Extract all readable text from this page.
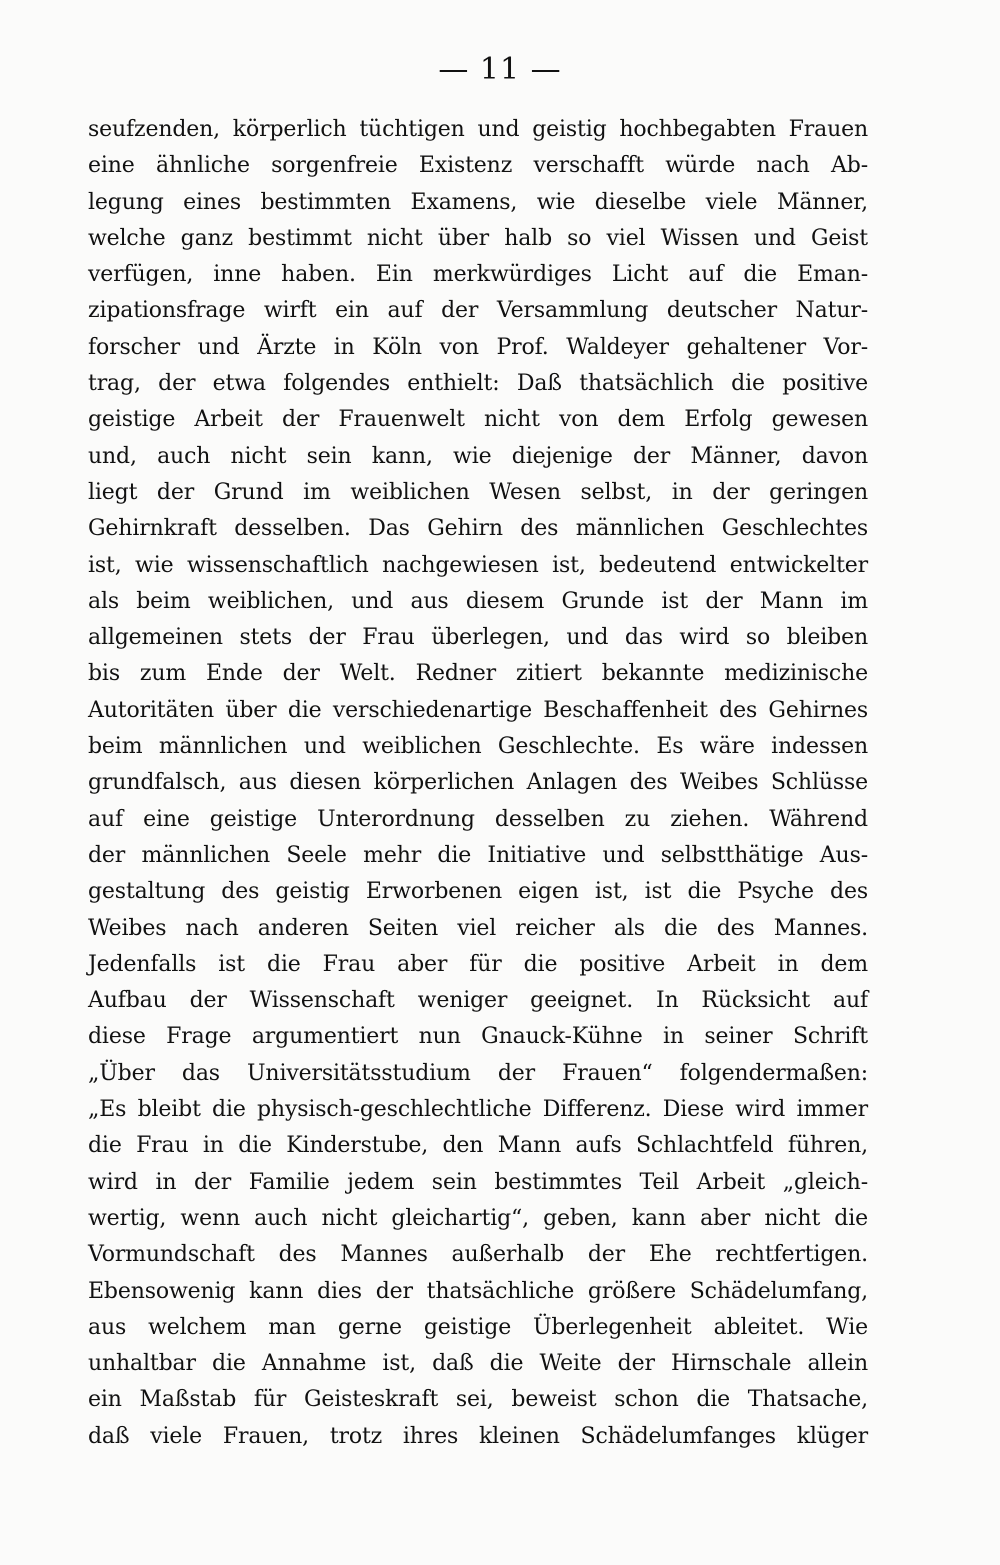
— 11 —
seufzenden, körperlich tüchtigen und geistig hochbegabten Frauen
eine ähnliche sorgenfreie Existenz verschafft würde nach Ab-
legung eines bestimmten Examens, wie dieselbe viele Männer,
welche ganz bestimmt nicht über halb so viel Wissen und Geist
verfügen, inne haben. Ein merkwürdiges Licht auf die Eman-
zipationsfrage wirft ein auf der Versammlung deutscher Natur-
forscher und Ärzte in Köln von Prof. Waldeyer gehaltener Vor-
trag, der etwa folgendes enthielt: Daß thatsächlich die positive
geistige Arbeit der Frauenwelt nicht von dem Erfolg gewesen
und, auch nicht sein kann, wie diejenige der Männer, davon
liegt der Grund im weiblichen Wesen selbst, in der geringen
Gehirnkraft desselben. Das Gehirn des männlichen Geschlechtes
ist, wie wissenschaftlich nachgewiesen ist, bedeutend entwickelter
als beim weiblichen, und aus diesem Grunde ist der Mann im
allgemeinen stets der Frau überlegen, und das wird so bleiben
bis zum Ende der Welt. Redner zitiert bekannte medizinische
Autoritäten über die verschiedenartige Beschaffenheit des Gehirnes
beim männlichen und weiblichen Geschlechte. Es wäre indessen
grundfalsch, aus diesen körperlichen Anlagen des Weibes Schlüsse
auf eine geistige Unterordnung desselben zu ziehen. Während
der männlichen Seele mehr die Initiative und selbstthätige Aus-
gestaltung des geistig Erworbenen eigen ist, ist die Psyche des
Weibes nach anderen Seiten viel reicher als die des Mannes.
Jedenfalls ist die Frau aber für die positive Arbeit in dem
Aufbau der Wissenschaft weniger geeignet. In Rücksicht auf
diese Frage argumentiert nun Gnauck-Kühne in seiner Schrift
„Über das Universitätsstudium der Frauen“ folgendermaßen:
„Es bleibt die physisch-geschlechtliche Differenz. Diese wird immer
die Frau in die Kinderstube, den Mann aufs Schlachtfeld führen,
wird in der Familie jedem sein bestimmtes Teil Arbeit „gleich-
wertig, wenn auch nicht gleichartig“, geben, kann aber nicht die
Vormundschaft des Mannes außerhalb der Ehe rechtfertigen.
Ebensowenig kann dies der thatsächliche größere Schädelumfang,
aus welchem man gerne geistige Überlegenheit ableitet. Wie
unhaltbar die Annahme ist, daß die Weite der Hirnschale allein
ein Maßstab für Geisteskraft sei, beweist schon die Thatsache,
daß viele Frauen, trotz ihres kleinen Schädelumfanges klüger
